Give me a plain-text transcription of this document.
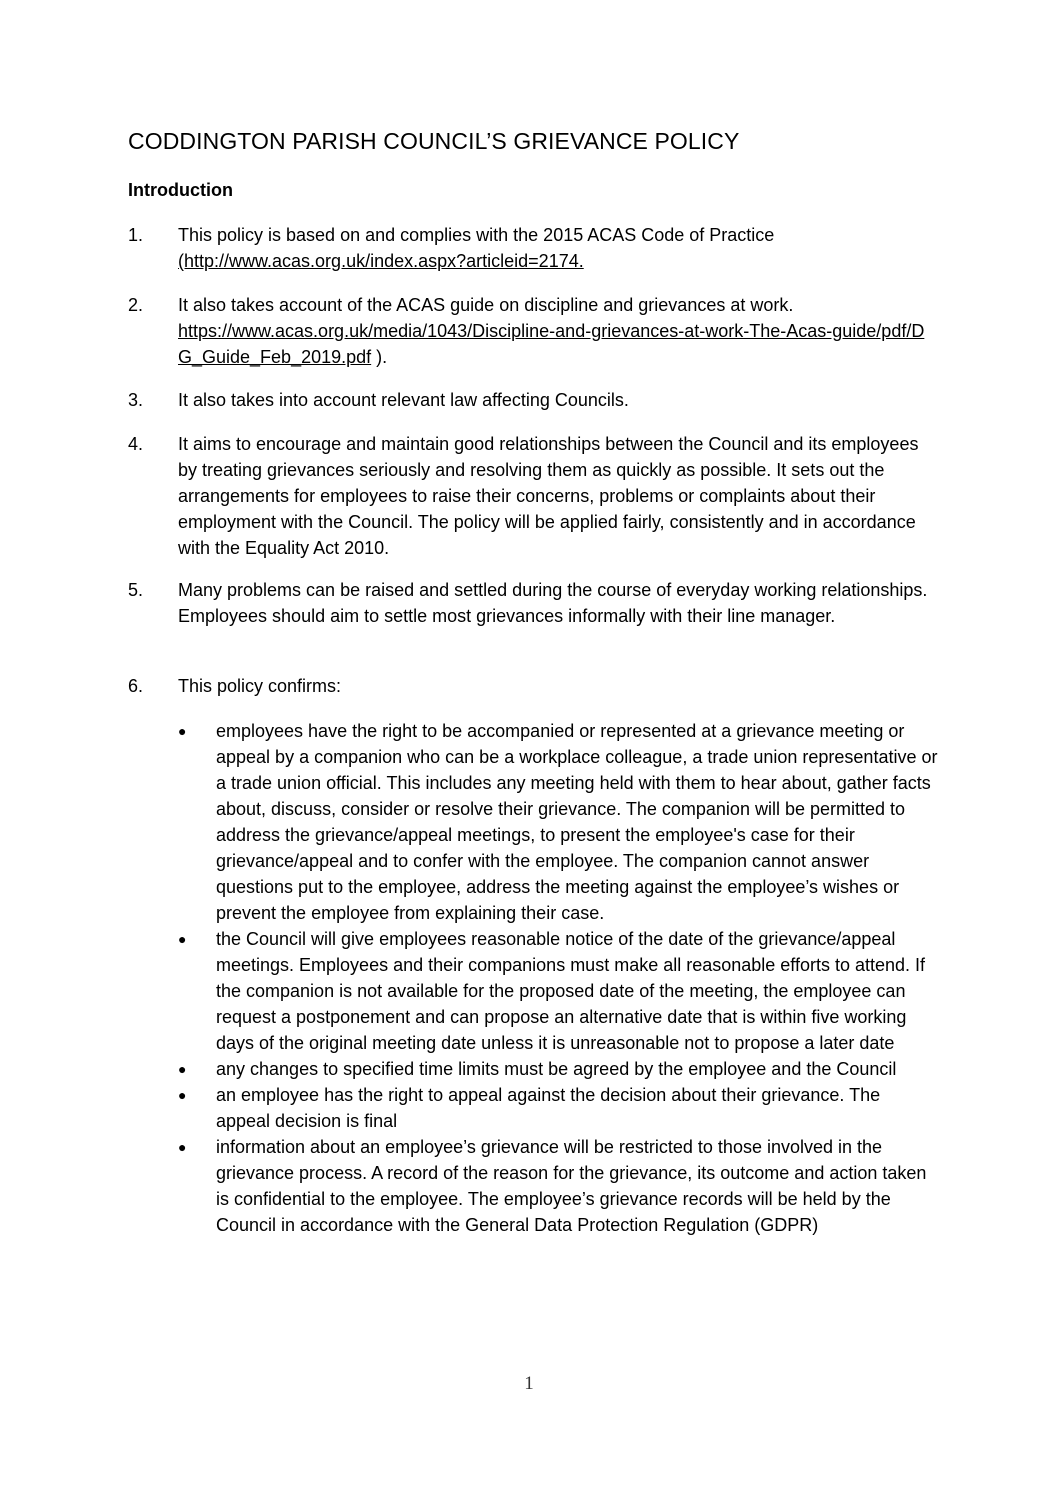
CODDINGTON PARISH COUNCIL’S GRIEVANCE POLICY
Introduction
1.	This policy is based on and complies with the 2015 ACAS Code of Practice
(http://www.acas.org.uk/index.aspx?articleid=2174.
2.	It also takes account of the ACAS guide on discipline and grievances at work.
https://www.acas.org.uk/media/1043/Discipline-and-grievances-at-work-The-Acas-guide/pdf/DG_Guide_Feb_2019.pdf ).
3.	It also takes into account relevant law affecting Councils.
4.	It aims to encourage and maintain good relationships between the Council and its employees by treating grievances seriously and resolving them as quickly as possible. It sets out the arrangements for employees to raise their concerns, problems or complaints about their employment with the Council. The policy will be applied fairly, consistently and in accordance with the Equality Act 2010.
5.	Many problems can be raised and settled during the course of everyday working relationships. Employees should aim to settle most grievances informally with their line manager.
6.	This policy confirms:
●	employees have the right to be accompanied or represented at a grievance meeting or appeal by a companion who can be a workplace colleague, a trade union representative or a trade union official. This includes any meeting held with them to hear about, gather facts about, discuss, consider or resolve their grievance. The companion will be permitted to address the grievance/appeal meetings, to present the employee's case for their grievance/appeal and to confer with the employee. The companion cannot answer questions put to the employee, address the meeting against the employee’s wishes or prevent the employee from explaining their case.
●	the Council will give employees reasonable notice of the date of the grievance/appeal meetings. Employees and their companions must make all reasonable efforts to attend. If the companion is not available for the proposed date of the meeting, the employee can request a postponement and can propose an alternative date that is within five working days of the original meeting date unless it is unreasonable not to propose a later date
●	any changes to specified time limits must be agreed by the employee and the Council
●	an employee has the right to appeal against the decision about their grievance. The appeal decision is final
●	information about an employee’s grievance will be restricted to those involved in the grievance process. A record of the reason for the grievance, its outcome and action taken is confidential to the employee. The employee’s grievance records will be held by the Council in accordance with the General Data Protection Regulation (GDPR)
1
